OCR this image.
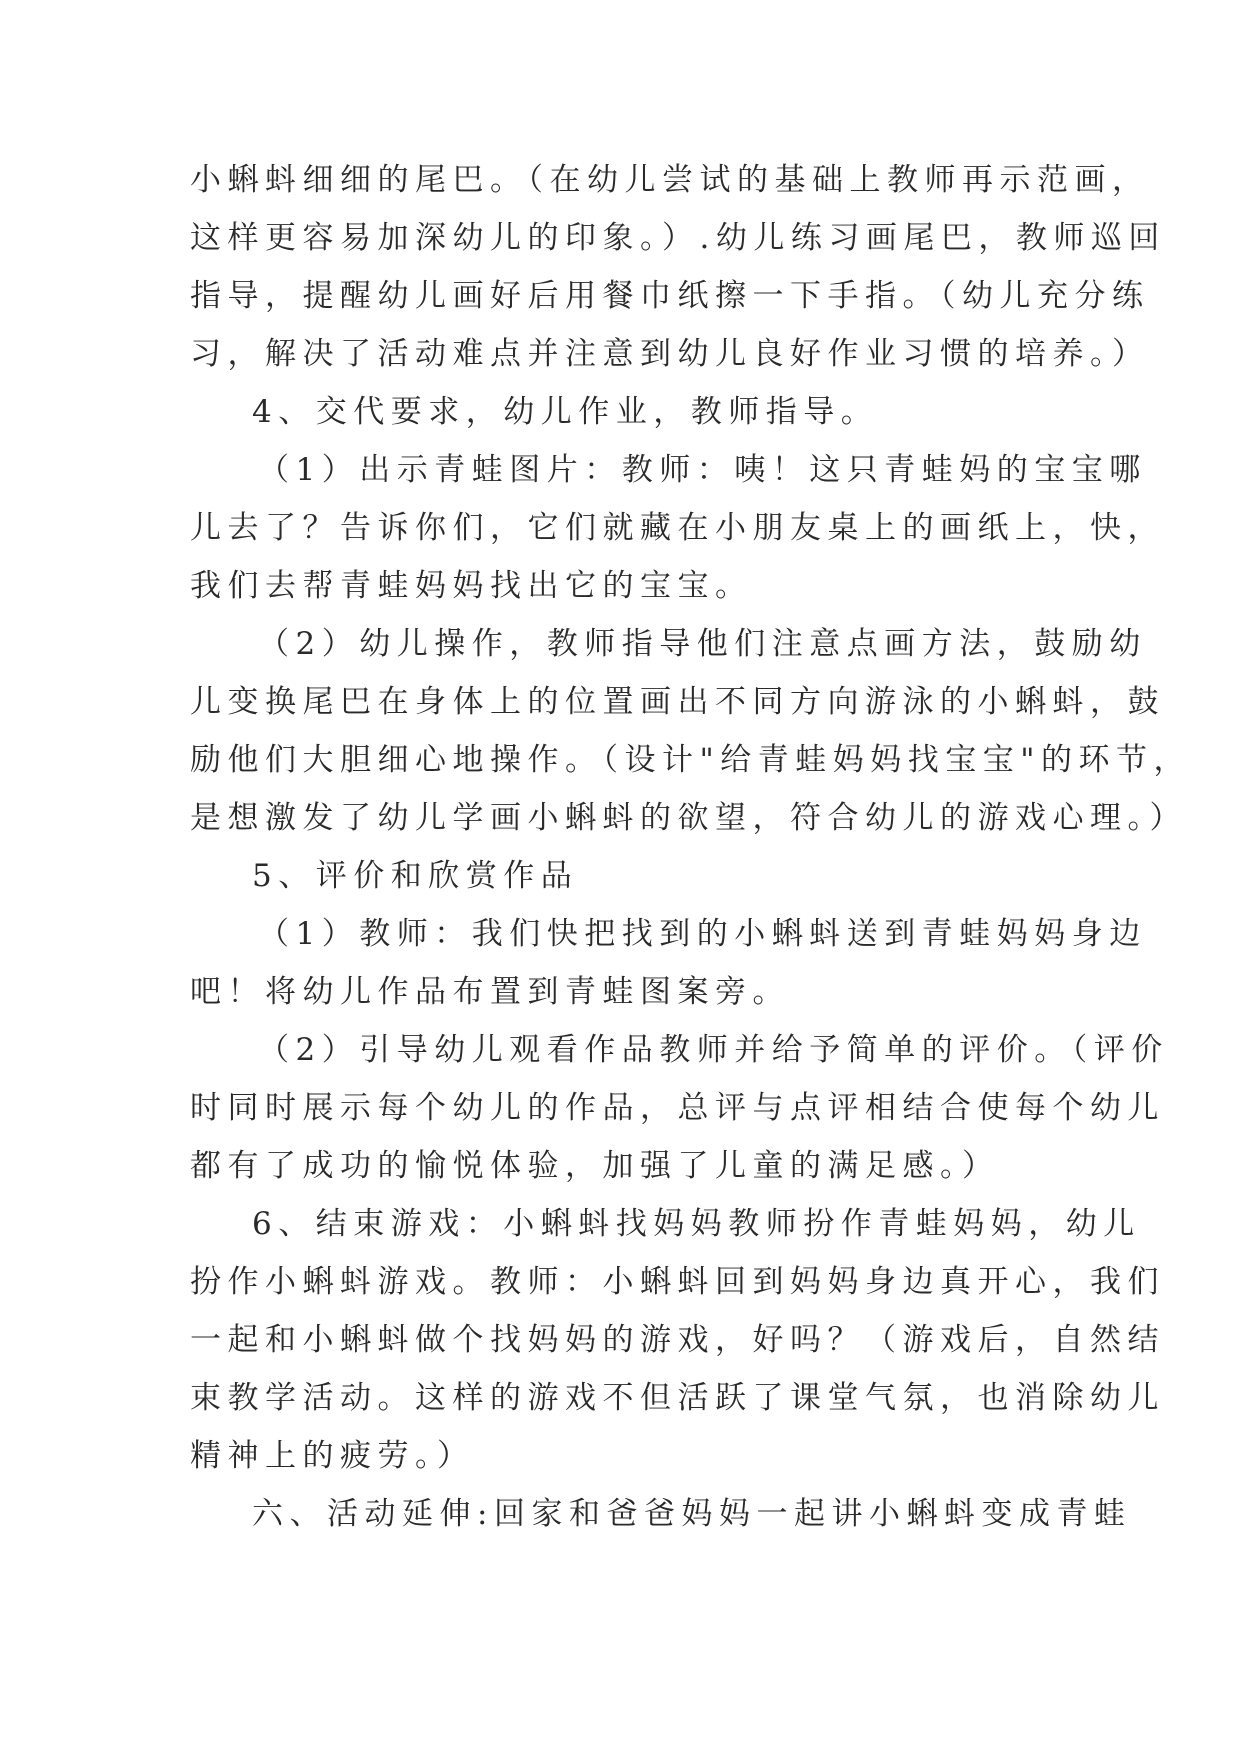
小蝌蚪细细的尾巴。（在幼儿尝试的基础上教师再示范画，
这样更容易加深幼儿的印象。）.幼儿练习画尾巴，教师巡回
指导，提醒幼儿画好后用餐巾纸擦一下手指。（幼儿充分练
习，解决了活动难点并注意到幼儿良好作业习惯的培养。）
4、交代要求，幼儿作业，教师指导。
（1）出示青蛙图片：教师：咦！这只青蛙妈的宝宝哪
儿去了？告诉你们，它们就藏在小朋友桌上的画纸上，快，
我们去帮青蛙妈妈找出它的宝宝。
（2）幼儿操作，教师指导他们注意点画方法，鼓励幼
儿变换尾巴在身体上的位置画出不同方向游泳的小蝌蚪，鼓
励他们大胆细心地操作。（设计"给青蛙妈妈找宝宝"的环节，
是想激发了幼儿学画小蝌蚪的欲望，符合幼儿的游戏心理。）
5、评价和欣赏作品
（1）教师：我们快把找到的小蝌蚪送到青蛙妈妈身边
吧！将幼儿作品布置到青蛙图案旁。
（2）引导幼儿观看作品教师并给予简单的评价。（评价
时同时展示每个幼儿的作品，总评与点评相结合使每个幼儿
都有了成功的愉悦体验，加强了儿童的满足感。）
6、结束游戏：小蝌蚪找妈妈教师扮作青蛙妈妈，幼儿
扮作小蝌蚪游戏。教师：小蝌蚪回到妈妈身边真开心，我们
一起和小蝌蚪做个找妈妈的游戏，好吗？（游戏后，自然结
束教学活动。这样的游戏不但活跃了课堂气氛，也消除幼儿
精神上的疲劳。）
六、活动延伸:回家和爸爸妈妈一起讲小蝌蚪变成青蛙
